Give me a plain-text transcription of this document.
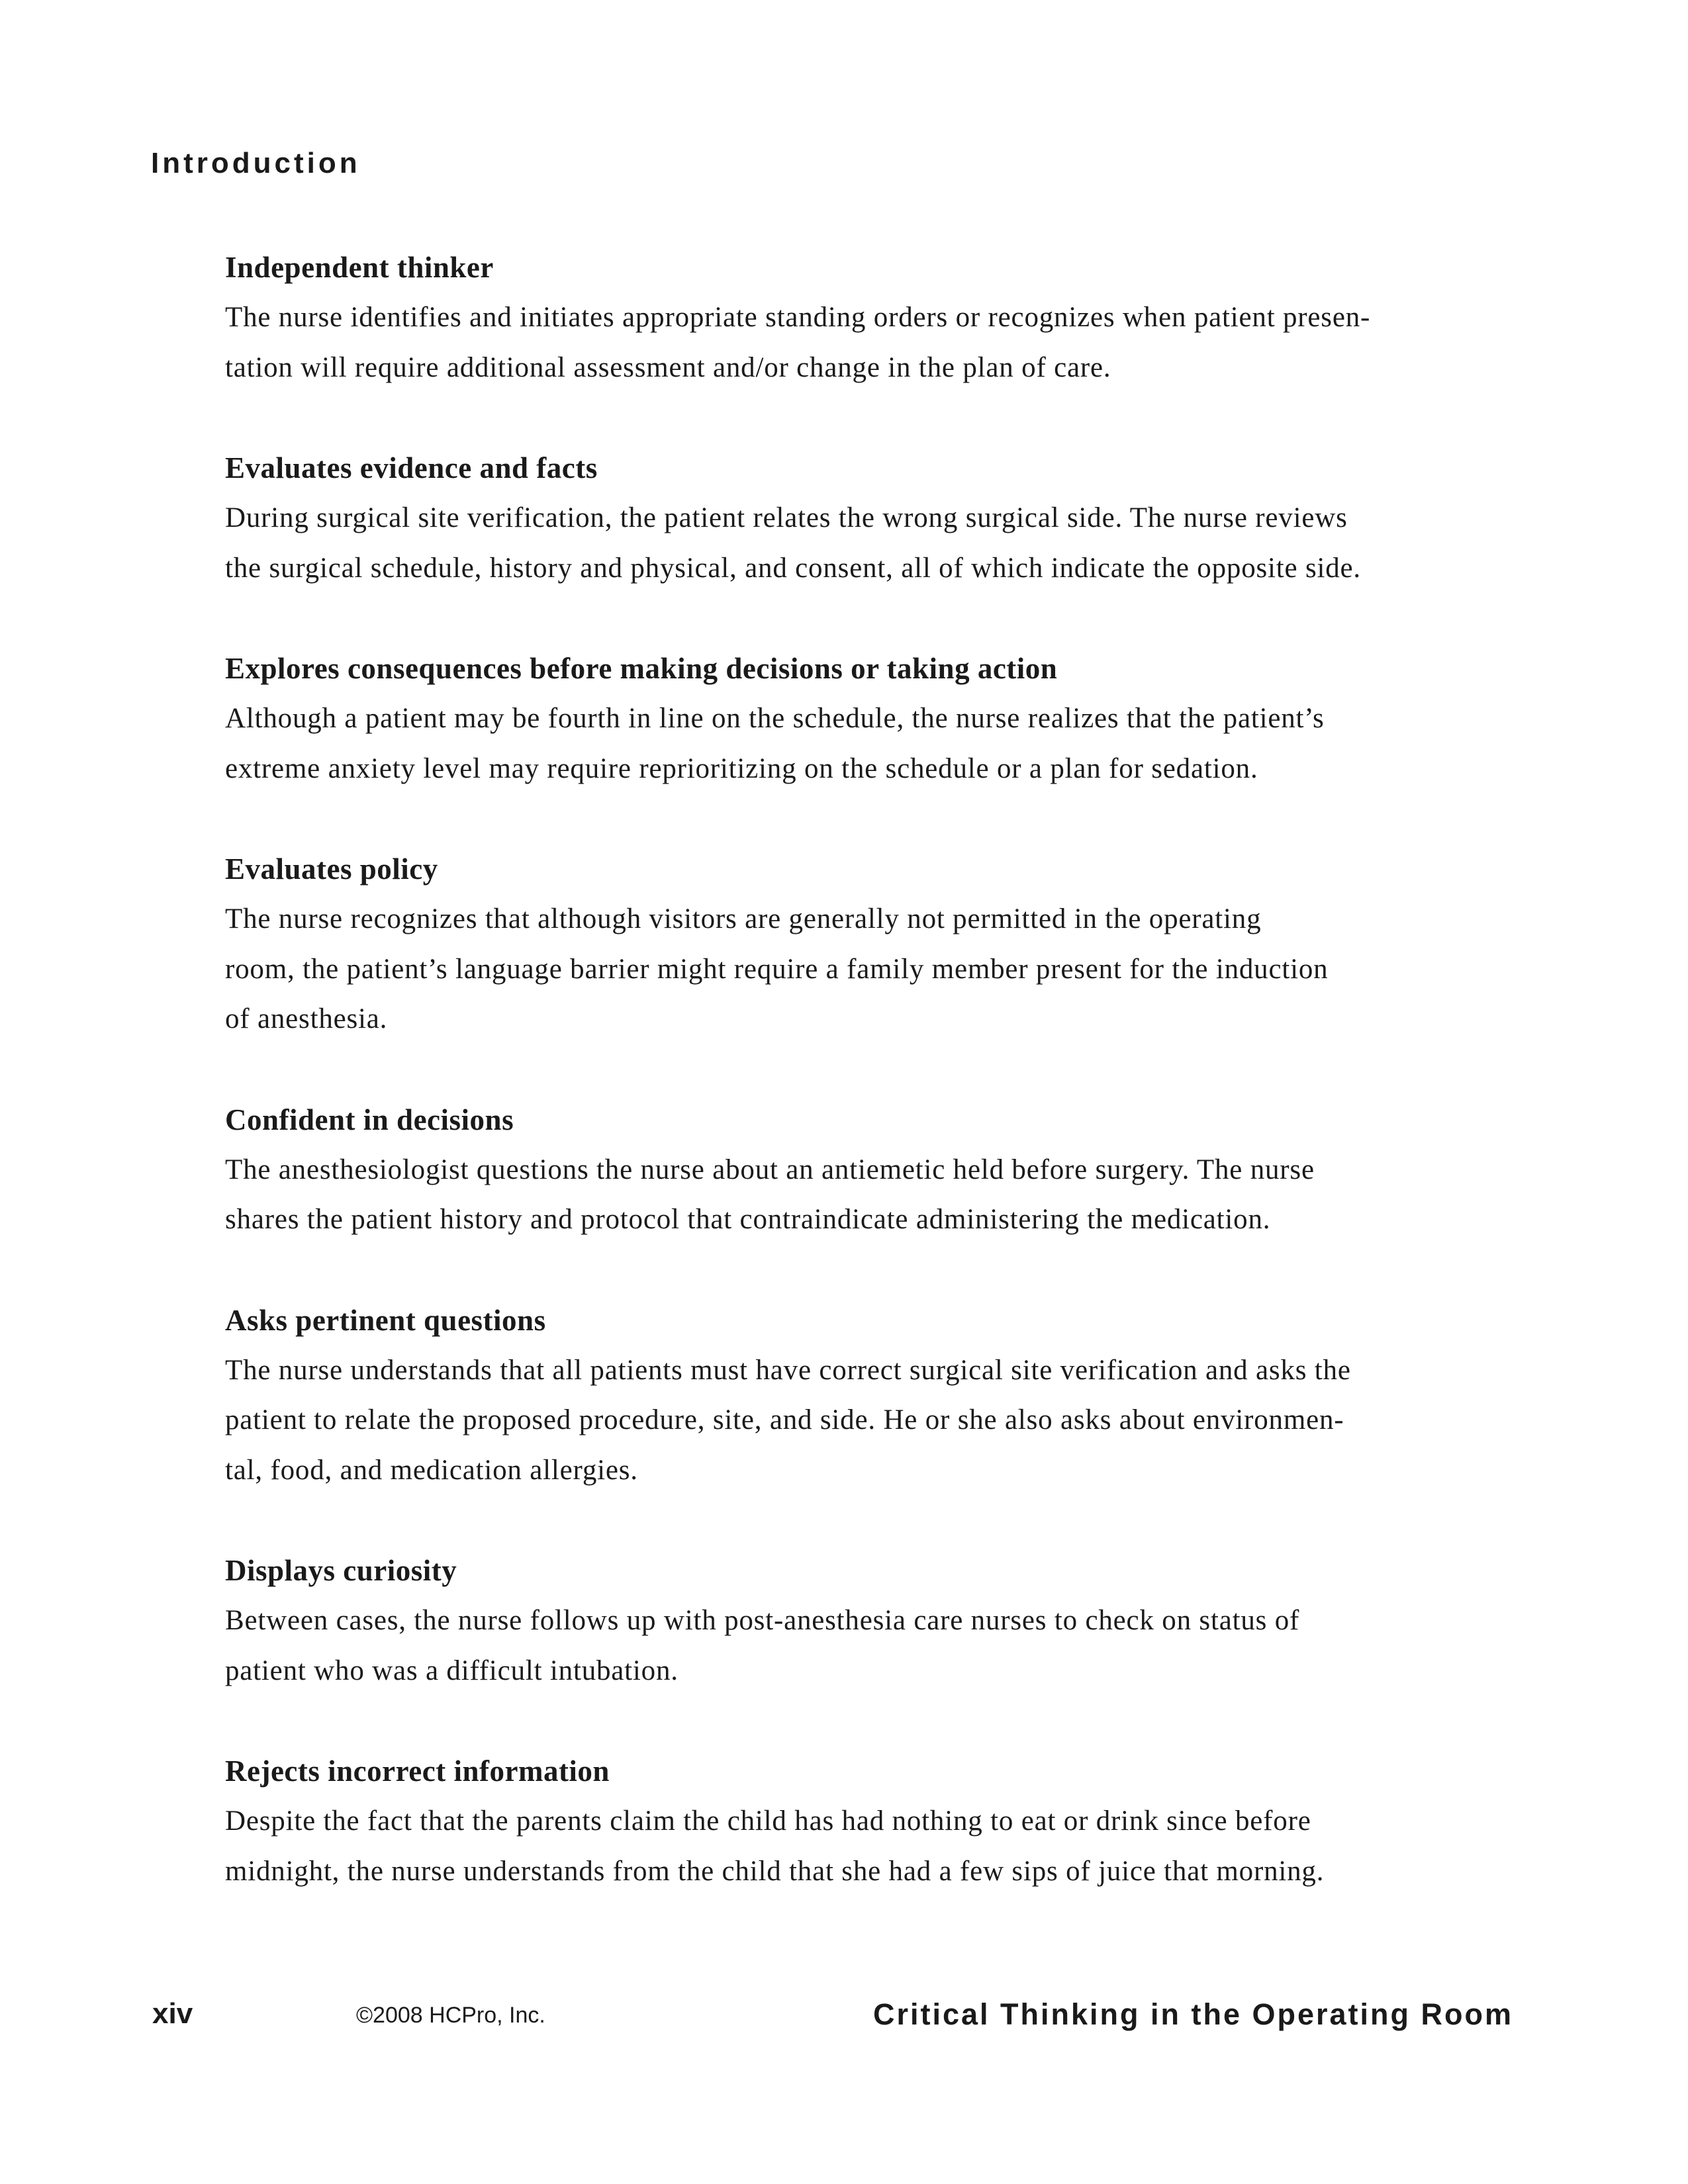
Introduction
Independent thinker

The nurse identifies and initiates appropriate standing orders or recognizes when patient presen-
tation will require additional assessment and/or change in the plan of care.

Evaluates evidence and facts

During surgical site verification, the patient relates the wrong surgical side. The nurse reviews
the surgical schedule, history and physical, and consent, all of which indicate the opposite side.

Explores consequences before making decisions or taking action

Although a patient may be fourth in line on the schedule, the nurse realizes that the patient’s
extreme anxiety level may require reprioritizing on the schedule or a plan for sedation.

Evaluates policy

The nurse recognizes that although visitors are generally not permitted in the operating
room, the patient’s language barrier might require a family member present for the induction
of anesthesia.

Confident in decisions

The anesthesiologist questions the nurse about an antiemetic held before surgery. The nurse
shares the patient history and protocol that contraindicate administering the medication.

Asks pertinent questions

The nurse understands that all patients must have correct surgical site verification and asks the
patient to relate the proposed procedure, site, and side. He or she also asks about environmen-
tal, food, and medication allergies.

Displays curiosity

Between cases, the nurse follows up with post-anesthesia care nurses to check on status of
patient who was a difficult intubation.

Rejects incorrect information

Despite the fact that the parents claim the child has had nothing to eat or drink since before
midnight, the nurse understands from the child that she had a few sips of juice that morning.

xiv	©2008 HCPro, Inc.	Critical Thinking in the Operating Room
